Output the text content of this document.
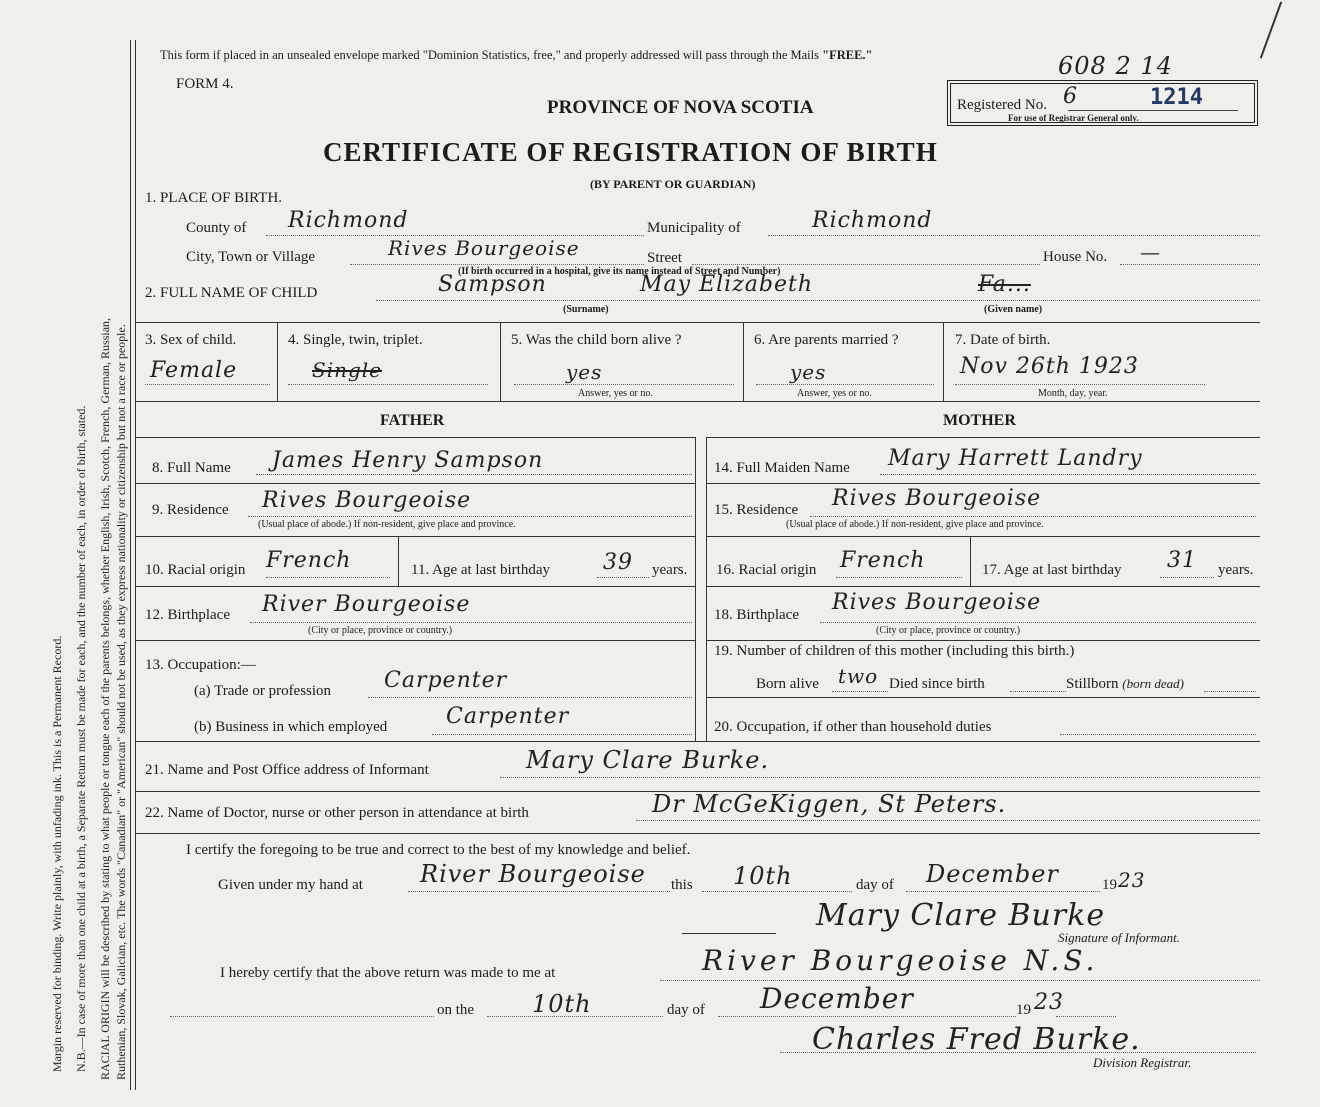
Margin reserved for binding. Write plainly, with unfading ink. This is a Permanent Record. N.B.—In case of more than one child at a birth, a Separate Return must be made for each, and the number of each, in order of birth, stated. RACIAL ORIGIN will be described by stating to what people or tongue each of the parents belongs, whether English, Irish, Scotch, French, German, Russian, Ruthenian, Slovak, Galician, etc. The words "Canadian" or "American" should not be used, as they express nationality or citizenship but not a race or people.
This form if placed in an unsealed envelope marked "Dominion Statistics, free," and properly addressed will pass through the Mails "FREE."	608 2 14
FORM 4.
PROVINCE OF NOVA SCOTIA
CERTIFICATE OF REGISTRATION OF BIRTH
(BY PARENT OR GUARDIAN)
Registered No. 6	1214
For use of Registrar General only.
1. PLACE OF BIRTH.
County of Richmond	Municipality of	Richmond
City, Town or Village	Rives Bourgeoise	Street	House No. —
(If birth occurred in a hospital, give its name instead of Street and Number)
2. FULL NAME OF CHILD	Sampson	May Elizabeth	Fa...
(Surname)	(Given name)
3. Sex of child.
Female
4. Single, twin, triplet.
Single
5. Was the child born alive ?
yes
Answer, yes or no.
6. Are parents married ?
yes
Answer, yes or no.
7. Date of birth.
Nov 26th 1923
Month, day, year.
FATHER	MOTHER
8. Full Name James Henry Sampson
9. Residence Rives Bourgeoise
(Usual place of abode.) If non-resident, give place and province.
10. Racial origin French	11. Age at last birthday 39 years.
12. Birthplace River Bourgeoise
(City or place, province or country.)
13. Occupation:—
(a) Trade or profession Carpenter
(b) Business in which employed	Carpenter
14. Full Maiden Name Mary Harrett Landry
15. Residence Rives Bourgeoise
(Usual place of abode.) If non-resident, give place and province.
16. Racial origin French	17. Age at last birthday 31 years.
18. Birthplace Rives Bourgeoise
(City or place, province or country.)
19. Number of children of this mother (including this birth.)
Born alive two Died since birth	Stillborn (born dead)
20. Occupation, if other than household duties
21. Name and Post Office address of Informant	Mary Clare Burke.
22. Name of Doctor, nurse or other person in attendance at birth	Dr McGeKiggen, St Peters.
I certify the foregoing to be true and correct to the best of my knowledge and belief.
Given under my hand at River Bourgeoise this 10th	day of December	19 23
Mary Clare Burke
Signature of Informant.
I hereby certify that the above return was made to me at	River Bourgeoise N.S.
on the 10th	day of December	19 23
Charles Fred Burke.
Division Registrar.
